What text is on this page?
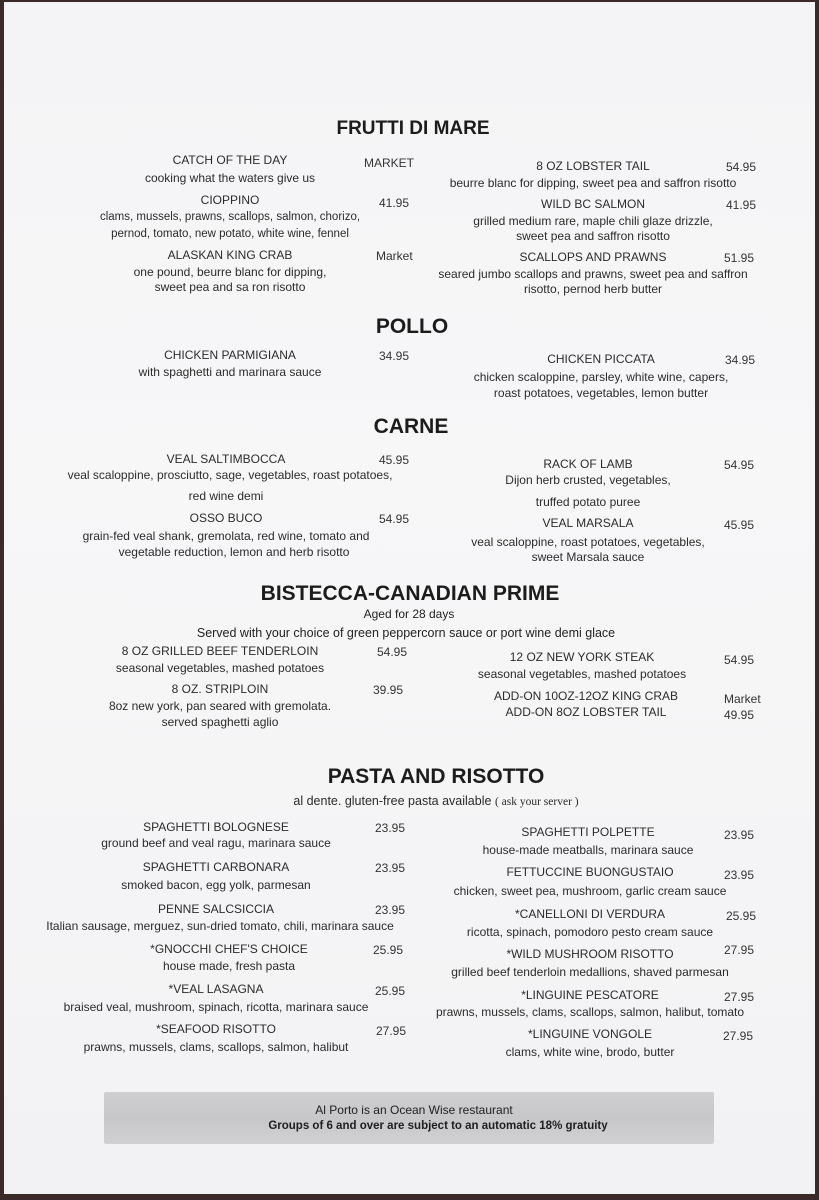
FRUTTI DI MARE
CATCH OF THE DAY
cooking what the waters give us
MARKET
CIOPPINO
clams, mussels, prawns, scallops, salmon, chorizo,
pernod, tomato, new potato, white wine, fennel
41.95
ALASKAN KING CRAB
one pound, beurre blanc for dipping,
sweet pea and sa ron risotto
Market
8 OZ LOBSTER TAIL
beurre blanc for dipping, sweet pea and saffron risotto
54.95
WILD BC SALMON
grilled medium rare, maple chili glaze drizzle,
sweet pea and saffron risotto
41.95
SCALLOPS AND PRAWNS
seared jumbo scallops and prawns, sweet pea and saffron
risotto, pernod herb butter
51.95
POLLO
CHICKEN PARMIGIANA
with spaghetti and marinara sauce
34.95	CHICKEN PICCATA
chicken scaloppine, parsley, white wine, capers,
roast potatoes, vegetables, lemon butter
34.95
CARNE
VEAL SALTIMBOCCA
veal scaloppine, prosciutto, sage, vegetables, roast potatoes,
red wine demi
45.95
OSSO BUCO
grain-fed veal shank, gremolata, red wine, tomato and
vegetable reduction, lemon and herb risotto
54.95
RACK OF LAMB
Dijon herb crusted, vegetables,
truffed potato puree
54.95
VEAL MARSALA
veal scaloppine, roast potatoes, vegetables,
sweet Marsala sauce
45.95
BISTECCA-CANADIAN PRIME
Aged for 28 days
Served with your choice of green peppercorn sauce or port wine demi glace
8 OZ GRILLED BEEF TENDERLOIN
seasonal vegetables, mashed potatoes
54.95
8 OZ. STRIPLOIN
8oz new york, pan seared with gremolata.
served spaghetti aglio
39.95
12 OZ NEW YORK STEAK
seasonal vegetables, mashed potatoes
54.95
ADD-ON 10OZ-12OZ KING CRAB	Market
ADD-ON 8OZ LOBSTER TAIL	49.95
PASTA AND RISOTTO
al dente. gluten-free pasta available ( ask your server )
SPAGHETTI BOLOGNESE
ground beef and veal ragu, marinara sauce
23.95
SPAGHETTI CARBONARA
smoked bacon, egg yolk, parmesan
23.95
PENNE SALCSICCIA
Italian sausage, merguez, sun-dried tomato, chili, marinara sauce
23.95
*GNOCCHI CHEF'S CHOICE
house made, fresh pasta
25.95
*VEAL LASAGNA
braised veal, mushroom, spinach, ricotta, marinara sauce
25.95
*SEAFOOD RISOTTO
prawns, mussels, clams, scallops, salmon, halibut
27.95
SPAGHETTI POLPETTE
house-made meatballs, marinara sauce
23.95
FETTUCCINE BUONGUSTAIO
chicken, sweet pea, mushroom, garlic cream sauce
23.95
*CANELLONI DI VERDURA
ricotta, spinach, pomodoro pesto cream sauce
25.95
*WILD MUSHROOM RISOTTO
grilled beef tenderloin medallions, shaved parmesan
27.95
*LINGUINE PESCATORE
prawns, mussels, clams, scallops, salmon, halibut, tomato
27.95
*LINGUINE VONGOLE
clams, white wine, brodo, butter
27.95
Al Porto is an Ocean Wise restaurant
Groups of 6 and over are subject to an automatic 18% gratuity
